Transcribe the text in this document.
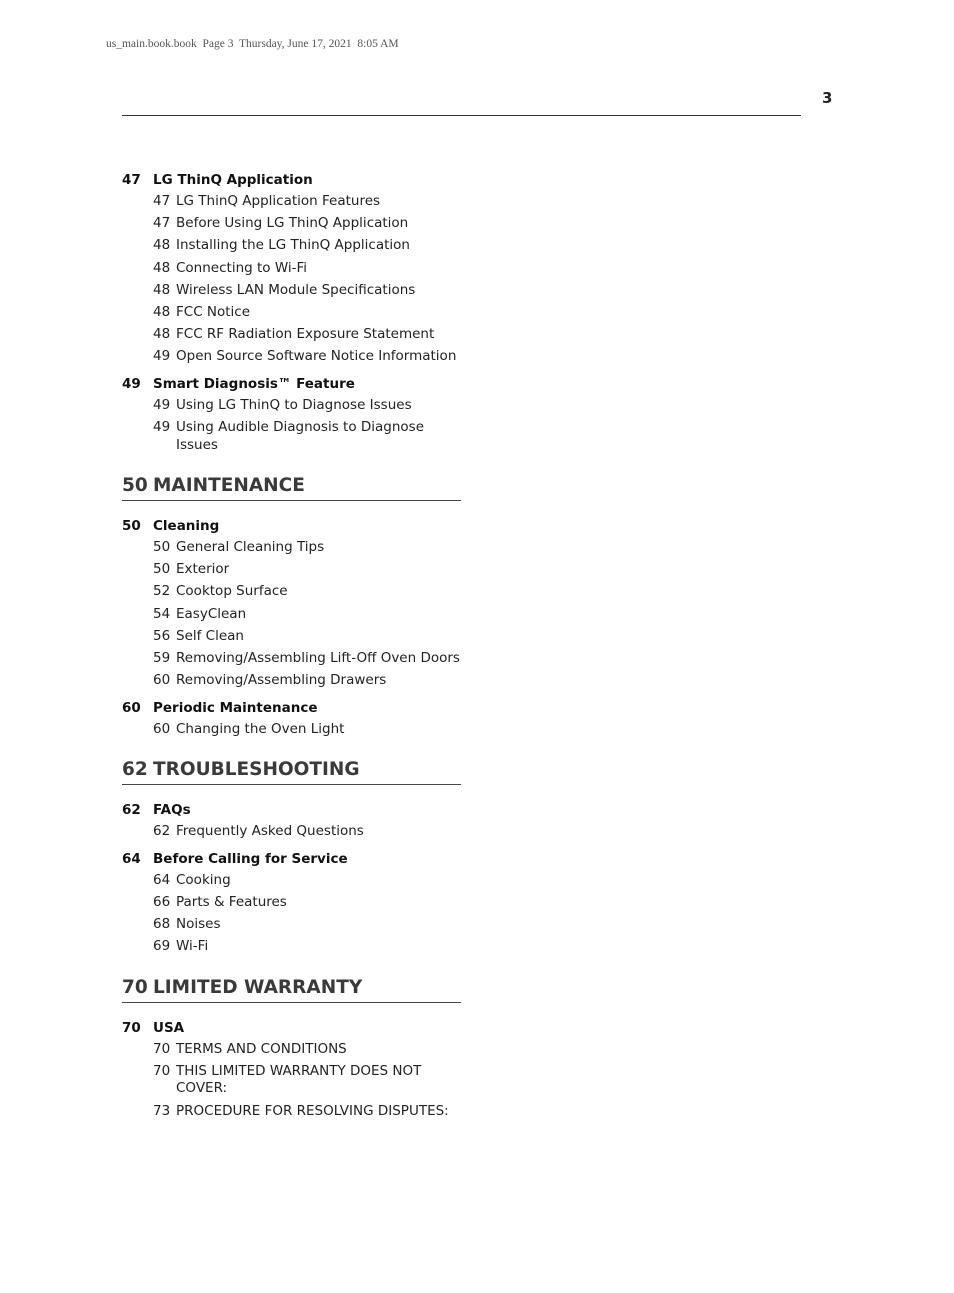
us_main.book.book  Page 3  Thursday, June 17, 2021  8:05 AM
3
47 LG ThinQ Application
47 LG ThinQ Application Features
47 Before Using LG ThinQ Application
48 Installing the LG ThinQ Application
48 Connecting to Wi-Fi
48 Wireless LAN Module Specifications
48 FCC Notice
48 FCC RF Radiation Exposure Statement
49 Open Source Software Notice Information
49 Smart Diagnosis™ Feature
49 Using LG ThinQ to Diagnose Issues
49 Using Audible Diagnosis to Diagnose Issues
50 MAINTENANCE
50 Cleaning
50 General Cleaning Tips
50 Exterior
52 Cooktop Surface
54 EasyClean
56 Self Clean
59 Removing/Assembling Lift-Off Oven Doors
60 Removing/Assembling Drawers
60 Periodic Maintenance
60 Changing the Oven Light
62 TROUBLESHOOTING
62 FAQs
62 Frequently Asked Questions
64 Before Calling for Service
64 Cooking
66 Parts & Features
68 Noises
69 Wi-Fi
70 LIMITED WARRANTY
70 USA
70 TERMS AND CONDITIONS
70 THIS LIMITED WARRANTY DOES NOT COVER:
73 PROCEDURE FOR RESOLVING DISPUTES:
